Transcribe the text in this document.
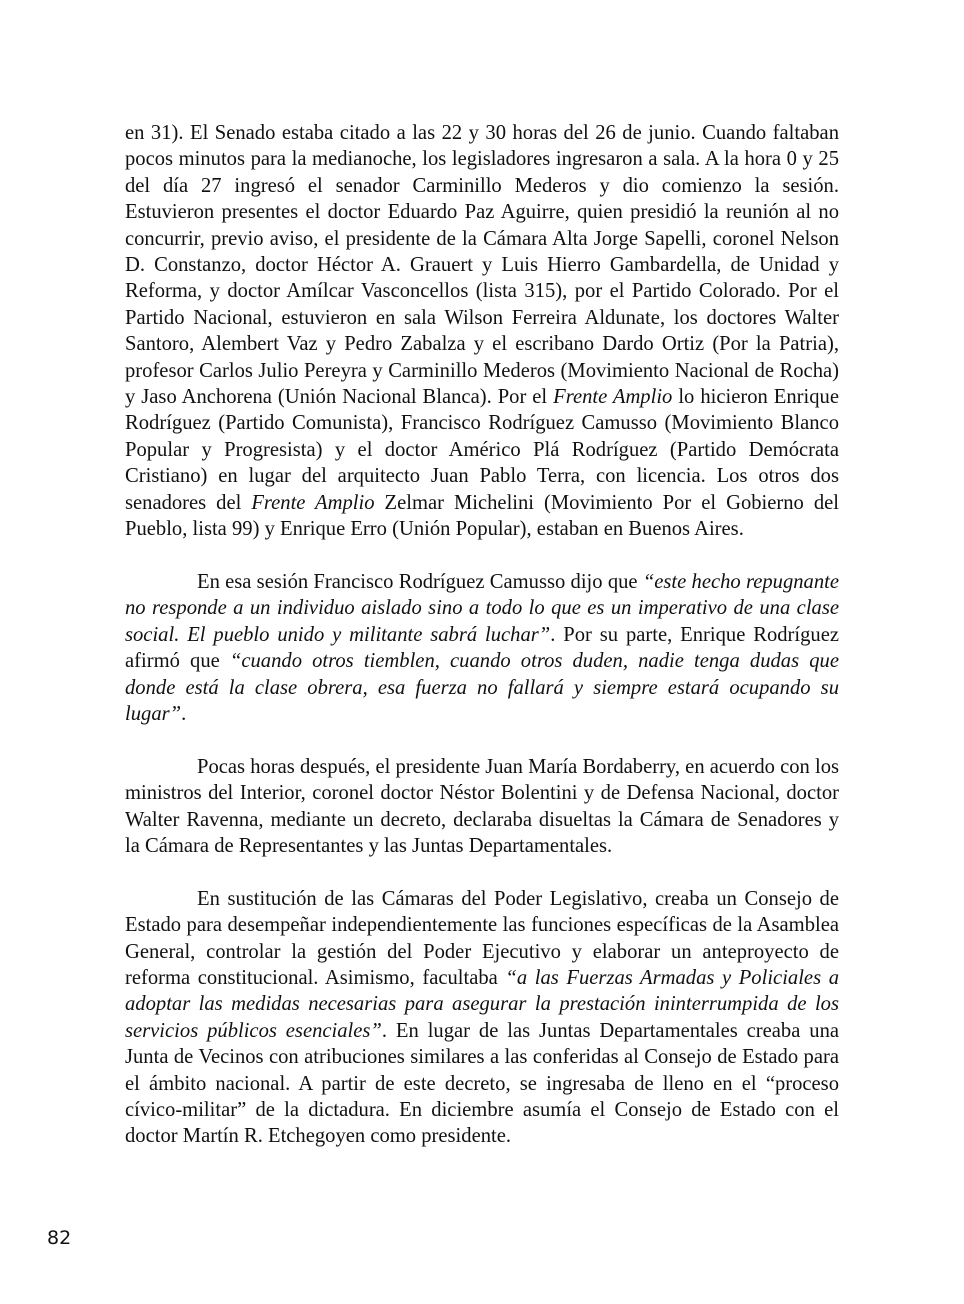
en 31). El Senado estaba citado a las 22 y 30 horas del 26 de junio. Cuando faltaban pocos minutos para la medianoche, los legisladores ingresaron a sala. A la hora 0 y 25 del día 27 ingresó el senador Carminillo Mederos y dio comienzo la sesión. Estuvieron presentes el doctor Eduardo Paz Aguirre, quien presidió la reunión al no concurrir, previo aviso, el presidente de la Cámara Alta Jorge Sapelli, coronel Nelson D. Constanzo, doctor Héctor A. Grauert y Luis Hierro Gambardella, de Unidad y Reforma, y doctor Amílcar Vasconcellos (lista 315), por el Partido Colorado. Por el Partido Nacional, estuvieron en sala Wilson Ferreira Aldunate, los doctores Walter Santoro, Alembert Vaz y Pedro Zabalza y el escribano Dardo Ortiz (Por la Patria), profesor Carlos Julio Pereyra y Carminillo Mederos (Movimiento Nacional de Rocha) y Jaso Anchorena (Unión Nacional Blanca). Por el Frente Amplio lo hicieron Enrique Rodríguez (Partido Comunista), Francisco Rodríguez Camusso (Movimiento Blanco Popular y Progresista) y el doctor Américo Plá Rodríguez (Partido Demócrata Cristiano) en lugar del arquitecto Juan Pablo Terra, con licencia. Los otros dos senadores del Frente Amplio Zelmar Michelini (Movimiento Por el Gobierno del Pueblo, lista 99) y Enrique Erro (Unión Popular), estaban en Buenos Aires.

En esa sesión Francisco Rodríguez Camusso dijo que “este hecho repugnante no responde a un individuo aislado sino a todo lo que es un imperativo de una clase social. El pueblo unido y militante sabrá luchar”. Por su parte, Enrique Rodríguez afirmó que “cuando otros tiemblen, cuando otros duden, nadie tenga dudas que donde está la clase obrera, esa fuerza no fallará y siempre estará ocupando su lugar”.

Pocas horas después, el presidente Juan María Bordaberry, en acuerdo con los ministros del Interior, coronel doctor Néstor Bolentini y de Defensa Nacional, doctor Walter Ravenna, mediante un decreto, declaraba disueltas la Cámara de Senadores y la Cámara de Representantes y las Juntas Departamentales.

En sustitución de las Cámaras del Poder Legislativo, creaba un Consejo de Estado para desempeñar independientemente las funciones específicas de la Asamblea General, controlar la gestión del Poder Ejecutivo y elaborar un anteproyecto de reforma constitucional. Asimismo, facultaba “a las Fuerzas Armadas y Policiales a adoptar las medidas necesarias para asegurar la prestación ininterrumpida de los servicios públicos esenciales”. En lugar de las Juntas Departamentales creaba una Junta de Vecinos con atribuciones similares a las conferidas al Consejo de Estado para el ámbito nacional. A partir de este decreto, se ingresaba de lleno en el “proceso cívico-militar” de la dictadura. En diciembre asumía el Consejo de Estado con el doctor Martín R. Etchegoyen como presidente.

82
